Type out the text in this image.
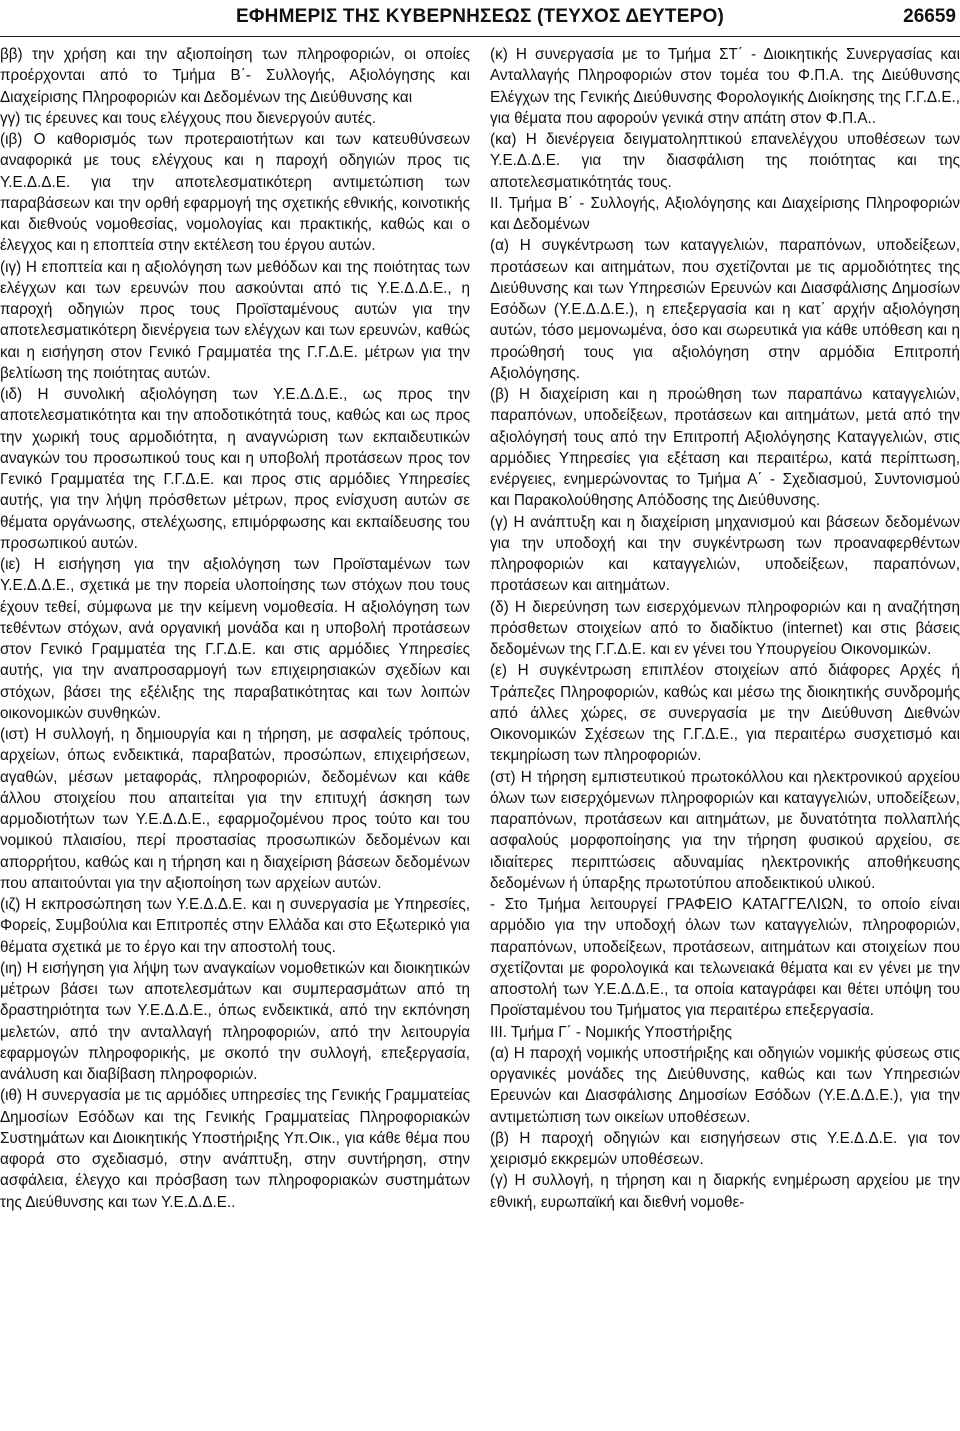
ΕΦΗΜΕΡΙΣ ΤΗΣ ΚΥΒΕΡΝΗΣΕΩΣ (ΤΕΥΧΟΣ ΔΕΥΤΕΡΟ)	26659

ββ) την χρήση και την αξιοποίηση των πληροφοριών, οι οποίες προέρχονται από το Τμήμα Β΄- Συλλογής, Αξιολόγησης και Διαχείρισης Πληροφοριών και Δεδομένων της Διεύθυνσης και

γγ) τις έρευνες και τους ελέγχους που διενεργούν αυτές.

(ιβ) Ο καθορισμός των προτεραιοτήτων και των κατευθύνσεων αναφορικά με τους ελέγχους και η παροχή οδηγιών προς τις Υ.Ε.Δ.Δ.Ε. για την αποτελεσματικότερη αντιμετώπιση των παραβάσεων και την ορθή εφαρμογή της σχετικής εθνικής, κοινοτικής και διεθνούς νομοθεσίας, νομολογίας και πρακτικής, καθώς και ο έλεγχος και η εποπτεία στην εκτέλεση του έργου αυτών.

(ιγ) Η εποπτεία και η αξιολόγηση των μεθόδων και της ποιότητας των ελέγχων και των ερευνών που ασκούνται από τις Υ.Ε.Δ.Δ.Ε., η παροχή οδηγιών προς τους Προϊσταμένους αυτών για την αποτελεσματικότερη διενέργεια των ελέγχων και των ερευνών, καθώς και η εισήγηση στον Γενικό Γραμματέα της Γ.Γ.Δ.Ε. μέτρων για την βελτίωση της ποιότητας αυτών.

(ιδ) Η συνολική αξιολόγηση των Υ.Ε.Δ.Δ.Ε., ως προς την αποτελεσματικότητα και την αποδοτικότητά τους, καθώς και ως προς την χωρική τους αρμοδιότητα, η αναγνώριση των εκπαιδευτικών αναγκών του προσωπικού τους και η υποβολή προτάσεων προς τον Γενικό Γραμματέα της Γ.Γ.Δ.Ε. και προς στις αρμόδιες Υπηρεσίες αυτής, για την λήψη πρόσθετων μέτρων, προς ενίσχυση αυτών σε θέματα οργάνωσης, στελέχωσης, επιμόρφωσης και εκπαίδευσης του προσωπικού αυτών.

(ιε) Η εισήγηση για την αξιολόγηση των Προϊσταμένων των Υ.Ε.Δ.Δ.Ε., σχετικά με την πορεία υλοποίησης των στόχων που τους έχουν τεθεί, σύμφωνα με την κείμενη νομοθεσία. Η αξιολόγηση των τεθέντων στόχων, ανά οργανική μονάδα και η υποβολή προτάσεων στον Γενικό Γραμματέα της Γ.Γ.Δ.Ε. και στις αρμόδιες Υπηρεσίες αυτής, για την αναπροσαρμογή των επιχειρησιακών σχεδίων και στόχων, βάσει της εξέλιξης της παραβατικότητας και των λοιπών οικονομικών συνθηκών.

(ιστ) Η συλλογή, η δημιουργία και η τήρηση, με ασφαλείς τρόπους, αρχείων, όπως ενδεικτικά, παραβατών, προσώπων, επιχειρήσεων, αγαθών, μέσων μεταφοράς, πληροφοριών, δεδομένων και κάθε άλλου στοιχείου που απαιτείται για την επιτυχή άσκηση των αρμοδιοτήτων των Υ.Ε.Δ.Δ.Ε., εφαρμοζομένου προς τούτο και του νομικού πλαισίου, περί προστασίας προσωπικών δεδομένων και απορρήτου, καθώς και η τήρηση και η διαχείριση βάσεων δεδομένων που απαιτούνται για την αξιοποίηση των αρχείων αυτών.

(ιζ) Η εκπροσώπηση των Υ.Ε.Δ.Δ.Ε. και η συνεργασία με Υπηρεσίες, Φορείς, Συμβούλια και Επιτροπές στην Ελλάδα και στο Εξωτερικό για θέματα σχετικά με το έργο και την αποστολή τους.

(ιη) Η εισήγηση για λήψη των αναγκαίων νομοθετικών και διοικητικών μέτρων βάσει των αποτελεσμάτων και συμπερασμάτων από τη δραστηριότητα των Υ.Ε.Δ.Δ.Ε., όπως ενδεικτικά, από την εκπόνηση μελετών, από την ανταλλαγή πληροφοριών, από την λειτουργία εφαρμογών πληροφορικής, με σκοπό την συλλογή, επεξεργασία, ανάλυση και διαβίβαση πληροφοριών.

(ιθ) Η συνεργασία με τις αρμόδιες υπηρεσίες της Γενικής Γραμματείας Δημοσίων Εσόδων και της Γενικής Γραμματείας Πληροφοριακών Συστημάτων και Διοικητικής Υποστήριξης Υπ.Οικ., για κάθε θέμα που αφορά στο σχεδιασμό, στην ανάπτυξη, στην συντήρηση, στην ασφάλεια, έλεγχο και πρόσβαση των πληροφοριακών συστημάτων της Διεύθυνσης και των Υ.Ε.Δ.Δ.Ε..

(κ) Η συνεργασία με το Τμήμα ΣΤ΄ - Διοικητικής Συνεργασίας και Ανταλλαγής Πληροφοριών στον τομέα του Φ.Π.Α. της Διεύθυνσης Ελέγχων της Γενικής Διεύθυνσης Φορολογικής Διοίκησης της Γ.Γ.Δ.Ε., για θέματα που αφορούν γενικά στην απάτη στον Φ.Π.Α..

(κα) Η διενέργεια δειγματοληπτικού επανελέγχου υποθέσεων των Υ.Ε.Δ.Δ.Ε. για την διασφάλιση της ποιότητας και της αποτελεσματικότητάς τους.

ΙΙ. Τμήμα Β΄ - Συλλογής, Αξιολόγησης και Διαχείρισης Πληροφοριών και Δεδομένων

(α) Η συγκέντρωση των καταγγελιών, παραπόνων, υποδείξεων, προτάσεων και αιτημάτων, που σχετίζονται με τις αρμοδιότητες της Διεύθυνσης και των Υπηρεσιών Ερευνών και Διασφάλισης Δημοσίων Εσόδων (Υ.Ε.Δ.Δ.Ε.), η επεξεργασία και η κατ΄ αρχήν αξιολόγηση αυτών, τόσο μεμονωμένα, όσο και σωρευτικά για κάθε υπόθεση και η προώθησή τους για αξιολόγηση στην αρμόδια Επιτροπή Αξιολόγησης.

(β) Η διαχείριση και η προώθηση των παραπάνω καταγγελιών, παραπόνων, υποδείξεων, προτάσεων και αιτημάτων, μετά από την αξιολόγησή τους από την Επιτροπή Αξιολόγησης Καταγγελιών, στις αρμόδιες Υπηρεσίες για εξέταση και περαιτέρω, κατά περίπτωση, ενέργειες, ενημερώνοντας το Τμήμα Α΄ - Σχεδιασμού, Συντονισμού και Παρακολούθησης Απόδοσης της Διεύθυνσης.

(γ) Η ανάπτυξη και η διαχείριση μηχανισμού και βάσεων δεδομένων για την υποδοχή και την συγκέντρωση των προαναφερθέντων πληροφοριών και καταγγελιών, υποδείξεων, παραπόνων, προτάσεων και αιτημάτων.

(δ) Η διερεύνηση των εισερχόμενων πληροφοριών και η αναζήτηση πρόσθετων στοιχείων από το διαδίκτυο (internet) και στις βάσεις δεδομένων της Γ.Γ.Δ.Ε. και εν γένει του Υπουργείου Οικονομικών.

(ε) Η συγκέντρωση επιπλέον στοιχείων από διάφορες Αρχές ή Τράπεζες Πληροφοριών, καθώς και μέσω της διοικητικής συνδρομής από άλλες χώρες, σε συνεργασία με την Διεύθυνση Διεθνών Οικονομικών Σχέσεων της Γ.Γ.Δ.Ε., για περαιτέρω συσχετισμό και τεκμηρίωση των πληροφοριών.

(στ) Η τήρηση εμπιστευτικού πρωτοκόλλου και ηλεκτρονικού αρχείου όλων των εισερχόμενων πληροφοριών και καταγγελιών, υποδείξεων, παραπόνων, προτάσεων και αιτημάτων, με δυνατότητα πολλαπλής ασφαλούς μορφοποίησης για την τήρηση φυσικού αρχείου, σε ιδιαίτερες περιπτώσεις αδυναμίας ηλεκτρονικής αποθήκευσης δεδομένων ή ύπαρξης πρωτοτύπου αποδεικτικού υλικού.

- Στο Τμήμα λειτουργεί ΓΡΑΦΕΙΟ ΚΑΤΑΓΓΕΛΙΩΝ, το οποίο είναι αρμόδιο για την υποδοχή όλων των καταγγελιών, πληροφοριών, παραπόνων, υποδείξεων, προτάσεων, αιτημάτων και στοιχείων που σχετίζονται με φορολογικά και τελωνειακά θέματα και εν γένει με την αποστολή των Υ.Ε.Δ.Δ.Ε., τα οποία καταγράφει και θέτει υπόψη του Προϊσταμένου του Τμήματος για περαιτέρω επεξεργασία.

ΙΙΙ. Τμήμα Γ΄ - Νομικής Υποστήριξης

(α) Η παροχή νομικής υποστήριξης και οδηγιών νομικής φύσεως στις οργανικές μονάδες της Διεύθυνσης, καθώς και των Υπηρεσιών Ερευνών και Διασφάλισης Δημοσίων Εσόδων (Υ.Ε.Δ.Δ.Ε.), για την αντιμετώπιση των οικείων υποθέσεων.

(β) Η παροχή οδηγιών και εισηγήσεων στις Υ.Ε.Δ.Δ.Ε. για τον χειρισμό εκκρεμών υποθέσεων.

(γ) Η συλλογή, η τήρηση και η διαρκής ενημέρωση αρχείου με την εθνική, ευρωπαϊκή και διεθνή νομοθε-
